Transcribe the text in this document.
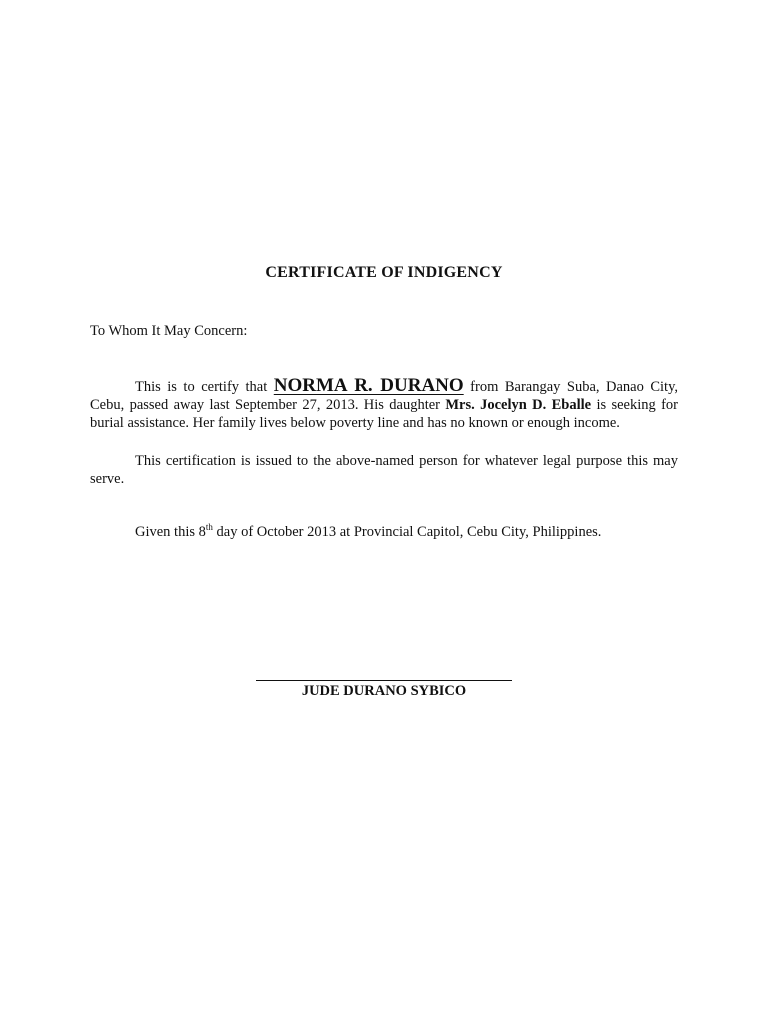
CERTIFICATE OF INDIGENCY
To Whom It May Concern:
This is to certify that NORMA R. DURANO from Barangay Suba, Danao City, Cebu, passed away last September 27, 2013. His daughter Mrs. Jocelyn D. Eballe is seeking for burial assistance. Her family lives below poverty line and has no known or enough income.
This certification is issued to the above-named person for whatever legal purpose this may serve.
Given this 8th day of October 2013 at Provincial Capitol, Cebu City, Philippines.
JUDE DURANO SYBICO
